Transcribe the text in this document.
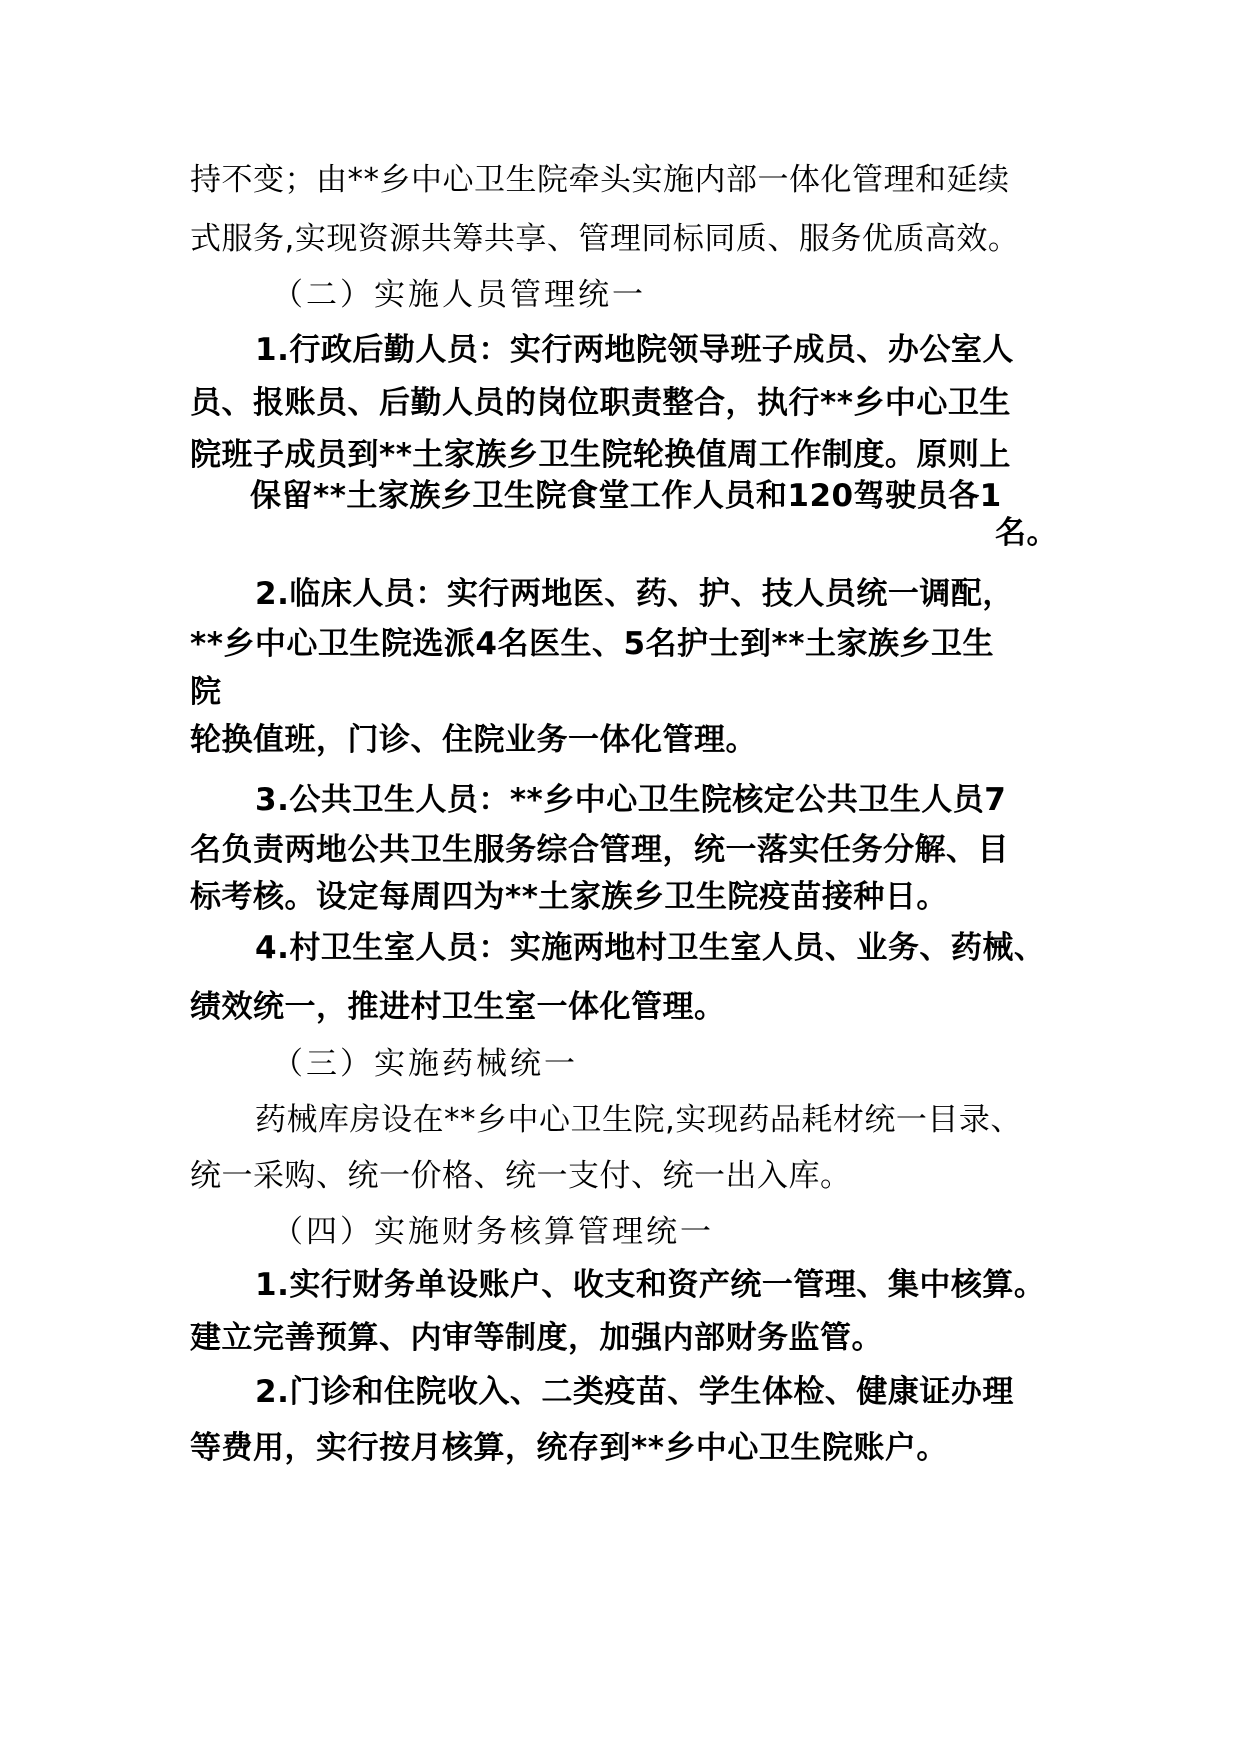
持不变；由**乡中心卫生院牵头实施内部一体化管理和延续
式服务,实现资源共筹共享、管理同标同质、服务优质高效。
（二）实施人员管理统一
1.行政后勤人员：实行两地院领导班子成员、办公室人
员、报账员、后勤人员的岗位职责整合，执行**乡中心卫生
院班子成员到**土家族乡卫生院轮换值周工作制度。原则上
保留**土家族乡卫生院食堂工作人员和120驾驶员各1
名。
2.临床人员：实行两地医、药、护、技人员统一调配，
**乡中心卫生院选派4名医生、5名护士到**土家族乡卫生
院
轮换值班，门诊、住院业务一体化管理。
3.公共卫生人员：**乡中心卫生院核定公共卫生人员7
名负责两地公共卫生服务综合管理，统一落实任务分解、目
标考核。设定每周四为**土家族乡卫生院疫苗接种日。
4.村卫生室人员：实施两地村卫生室人员、业务、药械、
绩效统一，推进村卫生室一体化管理。
（三）实施药械统一
药械库房设在**乡中心卫生院,实现药品耗材统一目录、
统一采购、统一价格、统一支付、统一出入库。
（四）实施财务核算管理统一
1.实行财务单设账户、收支和资产统一管理、集中核算。
建立完善预算、内审等制度，加强内部财务监管。
2.门诊和住院收入、二类疫苗、学生体检、健康证办理
等费用，实行按月核算，统存到**乡中心卫生院账户。
